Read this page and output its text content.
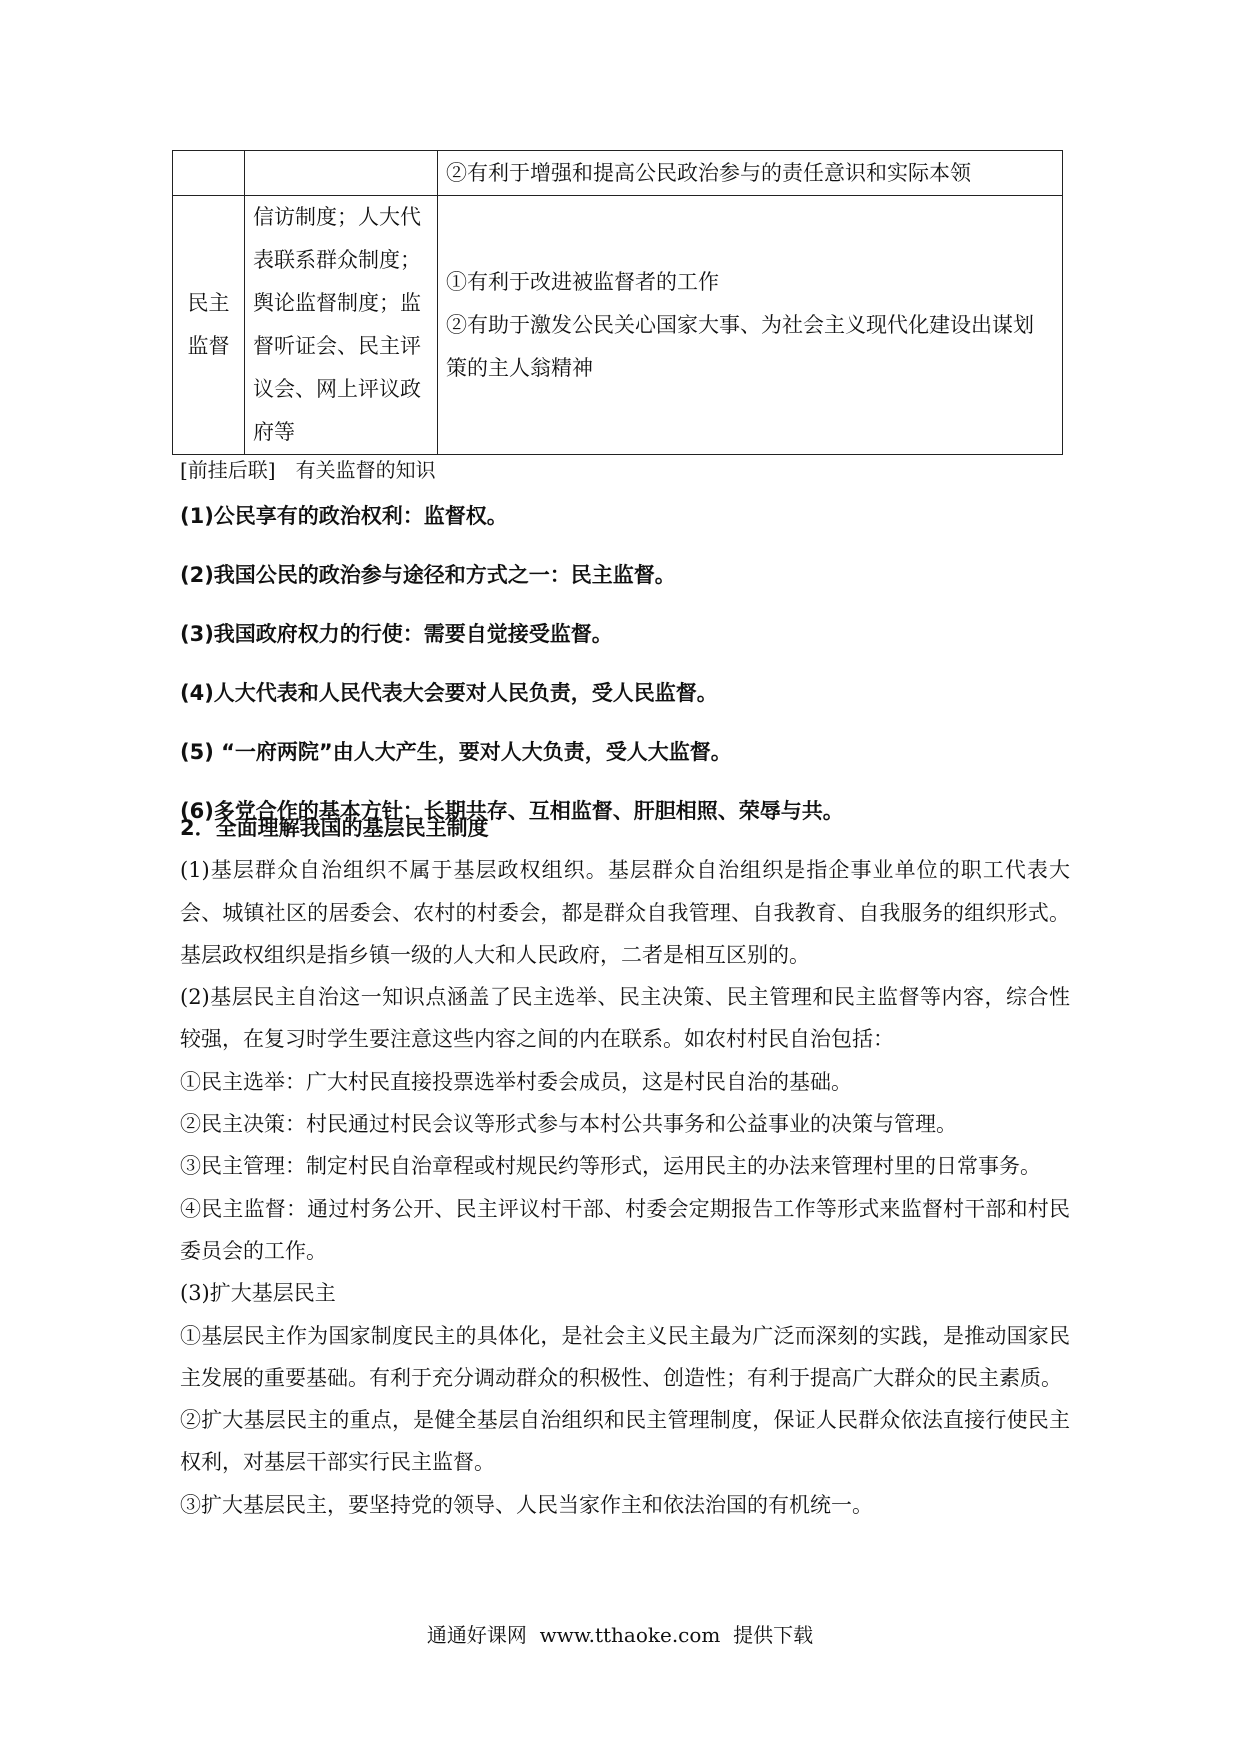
		②有利于增强和提高公民政治参与的责任意识和实际本领
民主
监督	信访制度；人大代表联系群众制度；舆论监督制度；监督听证会、民主评议会、网上评议政府等	①有利于改进被监督者的工作
②有助于激发公民关心国家大事、为社会主义现代化建设出谋划策的主人翁精神
[前挂后联] 有关监督的知识
(1)公民享有的政治权利：监督权。
(2)我国公民的政治参与途径和方式之一：民主监督。
(3)我国政府权力的行使：需要自觉接受监督。
(4)人大代表和人民代表大会要对人民负责，受人民监督。
(5) “一府两院”由人大产生，要对人大负责，受人大监督。
(6)多党合作的基本方针：长期共存、互相监督、肝胆相照、荣辱与共。

2．全面理解我国的基层民主制度

(1)基层群众自治组织不属于基层政权组织。基层群众自治组织是指企事业单位的职工代表大会、城镇社区的居委会、农村的村委会，都是群众自我管理、自我教育、自我服务的组织形式。基层政权组织是指乡镇一级的人大和人民政府，二者是相互区别的。

(2)基层民主自治这一知识点涵盖了民主选举、民主决策、民主管理和民主监督等内容，综合性较强，在复习时学生要注意这些内容之间的内在联系。如农村村民自治包括：

①民主选举：广大村民直接投票选举村委会成员，这是村民自治的基础。

②民主决策：村民通过村民会议等形式参与本村公共事务和公益事业的决策与管理。

③民主管理：制定村民自治章程或村规民约等形式，运用民主的办法来管理村里的日常事务。

④民主监督：通过村务公开、民主评议村干部、村委会定期报告工作等形式来监督村干部和村民委员会的工作。

(3)扩大基层民主

①基层民主作为国家制度民主的具体化，是社会主义民主最为广泛而深刻的实践，是推动国家民主发展的重要基础。有利于充分调动群众的积极性、创造性；有利于提高广大群众的民主素质。

②扩大基层民主的重点，是健全基层自治组织和民主管理制度，保证人民群众依法直接行使民主权利，对基层干部实行民主监督。

③扩大基层民主，要坚持党的领导、人民当家作主和依法治国的有机统一。

通通好课网  www.tthaoke.com  提供下载
